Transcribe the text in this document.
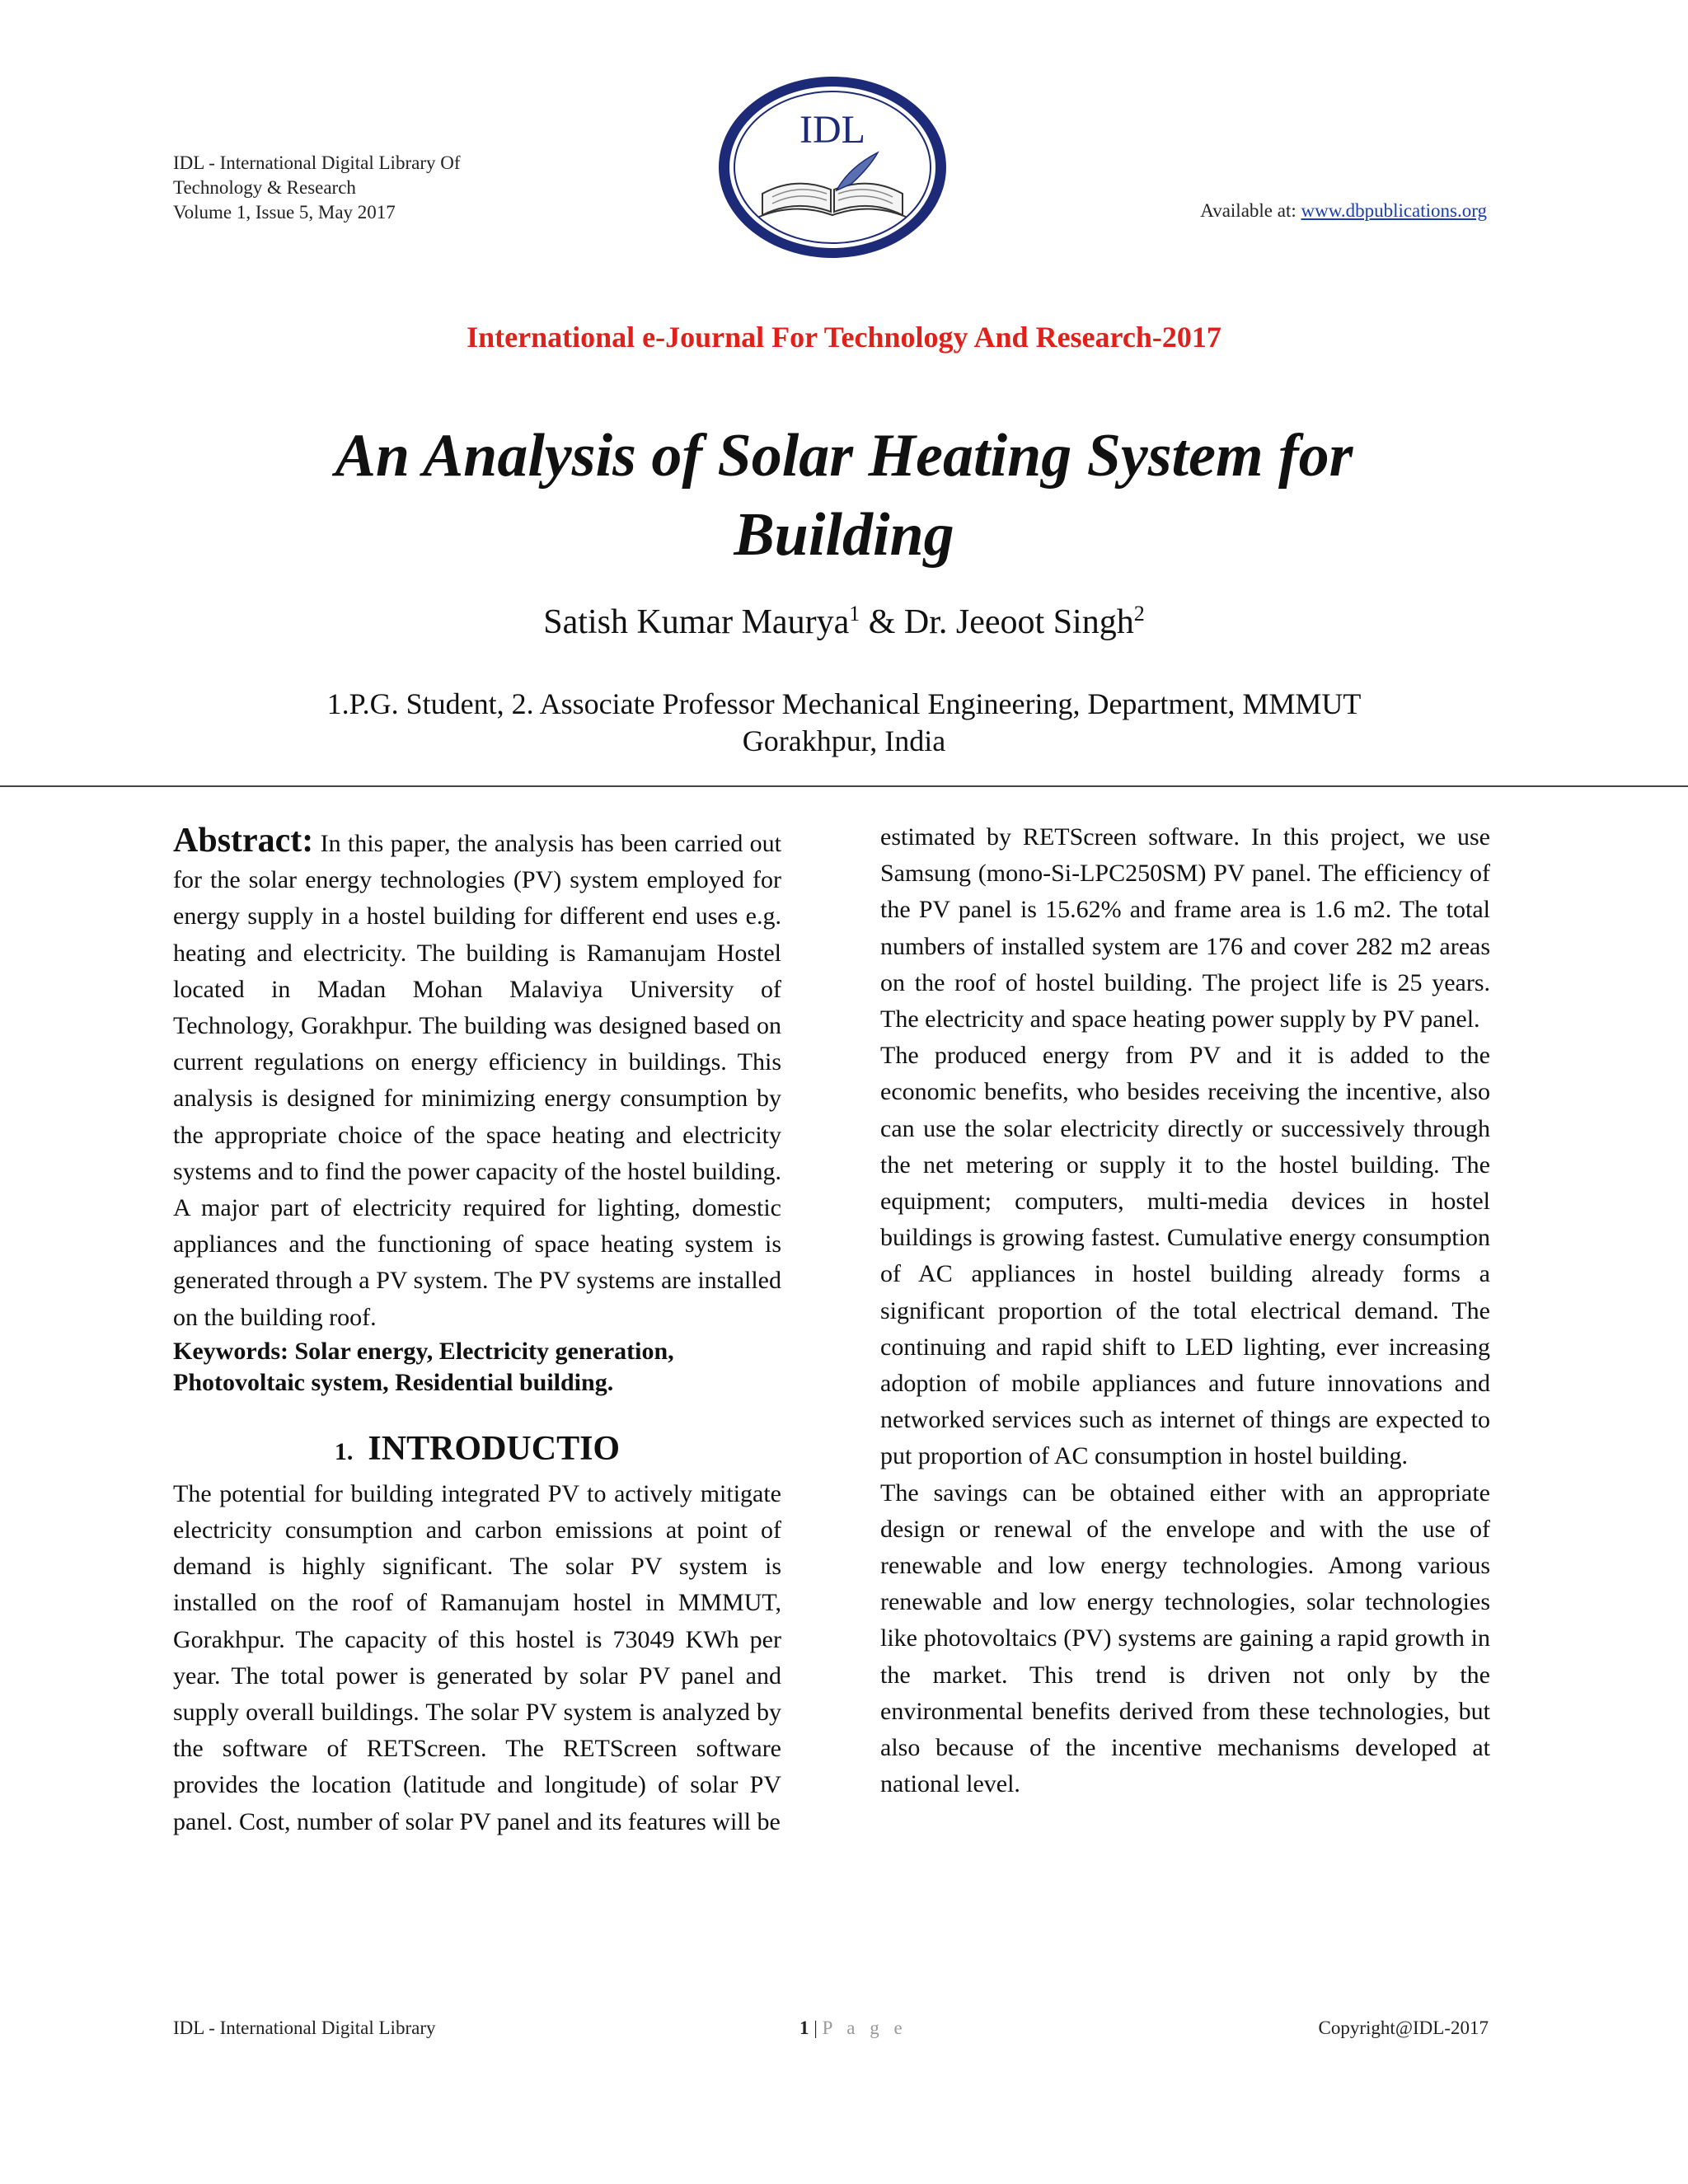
IDL - International Digital Library Of
Technology & Research
Volume 1, Issue 5, May 2017
IDL
Available at: www.dbpublications.org
International e-Journal For Technology And Research-2017
An Analysis of Solar Heating System for
Building
Satish Kumar Maurya$^1$ & Dr. Jeeoot Singh$^2$
1.P.G. Student, 2. Associate Professor Mechanical Engineering, Department, MMMUT
Gorakhpur, India

Abstract: In this paper, the analysis has been carried out for the solar energy technologies (PV) system employed for energy supply in a hostel building for different end uses e.g. heating and electricity. The building is Ramanujam Hostel located in Madan Mohan Malaviya University of Technology, Gorakhpur. The building was designed based on current regulations on energy efficiency in buildings. This analysis is designed for minimizing energy consumption by the appropriate choice of the space heating and electricity systems and to find the power capacity of the hostel building. A major part of electricity required for lighting, domestic appliances and the functioning of space heating system is generated through a PV system. The PV systems are installed on the building roof.

Keywords: Solar energy, Electricity generation, Photovoltaic system, Residential building.

1. INTRODUCTIO

The potential for building integrated PV to actively mitigate electricity consumption and carbon emissions at point of demand is highly significant. The solar PV system is installed on the roof of Ramanujam hostel in MMMUT, Gorakhpur. The capacity of this hostel is 73049 KWh per year. The total power is generated by solar PV panel and supply overall buildings. The solar PV system is analyzed by the software of RETScreen. The RETScreen software provides the location (latitude and longitude) of solar PV panel. Cost, number of solar PV panel and its features will be

estimated by RETScreen software. In this project, we use Samsung (mono-Si-LPC250SM) PV panel. The efficiency of the PV panel is 15.62% and frame area is 1.6 m2. The total numbers of installed system are 176 and cover 282 m2 areas on the roof of hostel building. The project life is 25 years. The electricity and space heating power supply by PV panel.

The produced energy from PV and it is added to the economic benefits, who besides receiving the incentive, also can use the solar electricity directly or successively through the net metering or supply it to the hostel building. The equipment; computers, multi-media devices in hostel buildings is growing fastest. Cumulative energy consumption of AC appliances in hostel building already forms a significant proportion of the total electrical demand. The continuing and rapid shift to LED lighting, ever increasing adoption of mobile appliances and future innovations and networked services such as internet of things are expected to put proportion of AC consumption in hostel building.

The savings can be obtained either with an appropriate design or renewal of the envelope and with the use of renewable and low energy technologies. Among various renewable and low energy technologies, solar technologies like photovoltaics (PV) systems are gaining a rapid growth in the market. This trend is driven not only by the environmental benefits derived from these technologies, but also because of the incentive mechanisms developed at national level.

IDL - International Digital Library	1 | P a g e	Copyright@IDL-2017
